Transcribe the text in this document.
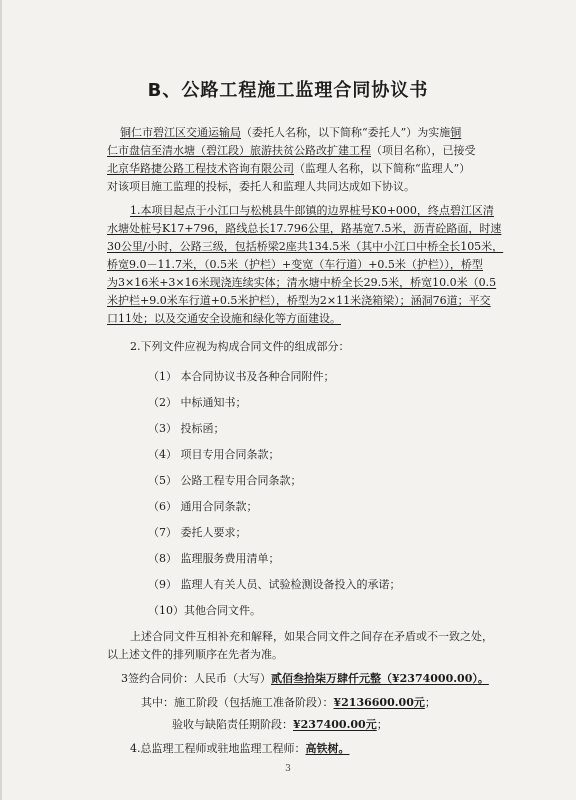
B、公路工程施工监理合同协议书
铜仁市碧江区交通运输局（委托人名称，以下简称“委托人”）为实施铜
仁市盘信至清水塘（碧江段）旅游扶贫公路改扩建工程（项目名称），已接受
北京华路捷公路工程技术咨询有限公司（监理人名称，以下简称“监理人”）
对该项目施工监理的投标，委托人和监理人共同达成如下协议。
1.本项目起点于小江口与松桃县牛郎镇的边界桩号K0+000，终点碧江区清
水塘处桩号K17+796，路线总长17.796公里，路基宽7.5米，沥青砼路面，时速
30公里/小时，公路三级，包括桥梁2座共134.5米（其中小江口中桥全长105米，
桥宽9.0－11.7米，（0.5米（护栏）+变宽（车行道）+0.5米（护栏）），桥型
为3×16米+3×16米现浇连续实体；清水塘中桥全长29.5米，桥宽10.0米（0.5
米护栏+9.0米车行道+0.5米护栏），桥型为2×11米浇箱梁）；涵洞76道；平交
口11处；以及交通安全设施和绿化等方面建设。
2.下列文件应视为构成合同文件的组成部分：
（1） 本合同协议书及各种合同附件；
（2） 中标通知书；
（3） 投标函；
（4） 项目专用合同条款；
（5） 公路工程专用合同条款；
（6） 通用合同条款；
（7） 委托人要求；
（8） 监理服务费用清单；
（9） 监理人有关人员、试验检测设备投入的承诺；
（10）其他合同文件。
上述合同文件互相补充和解释，如果合同文件之间存在矛盾或不一致之处，
以上述文件的排列顺序在先者为准。
3签约合同价：人民币（大写）贰佰叁拾柒万肆仟元整（¥2374000.00）。
其中：施工阶段（包括施工准备阶段）：¥2136600.00元；
验收与缺陷责任期阶段：¥237400.00元；
4.总监理工程师或驻地监理工程师：高铁树。
3
